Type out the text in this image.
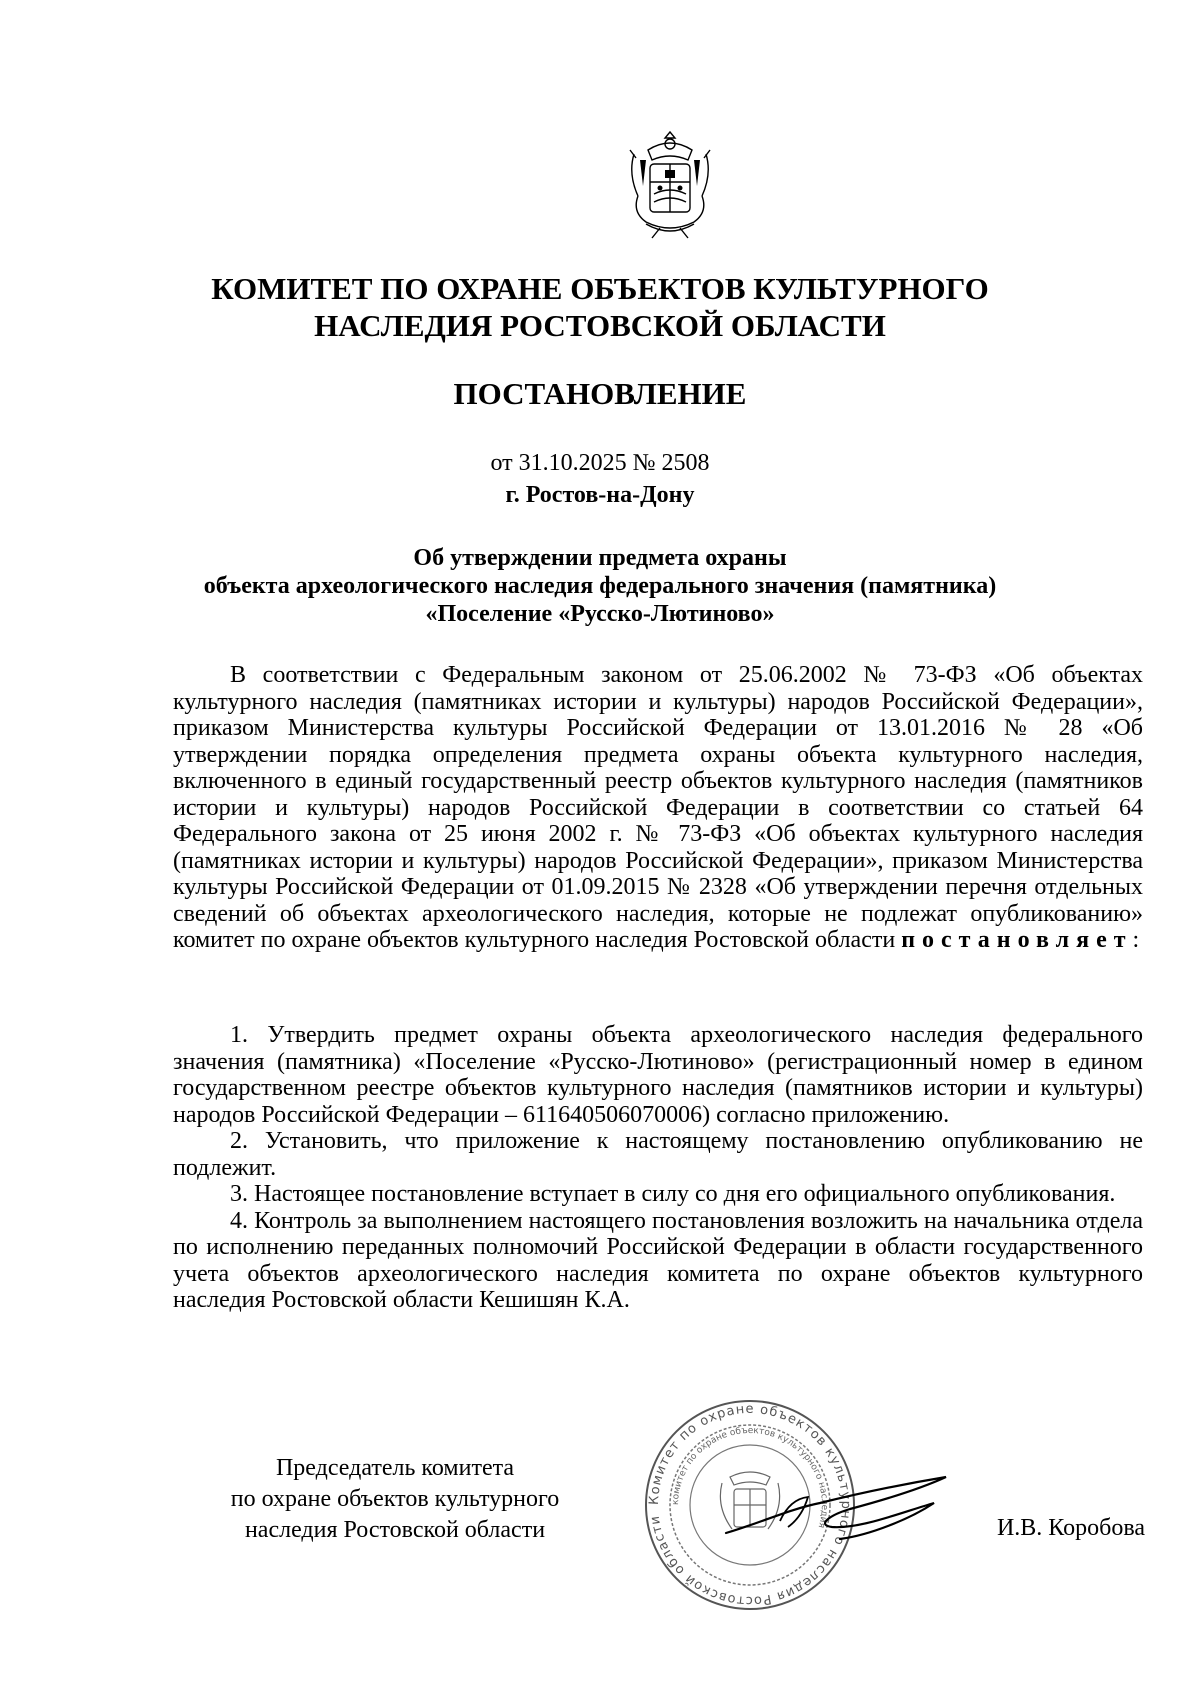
КОМИТЕТ ПО ОХРАНЕ ОБЪЕКТОВ КУЛЬТУРНОГО
НАСЛЕДИЯ РОСТОВСКОЙ ОБЛАСТИ
ПОСТАНОВЛЕНИЕ
от 31.10.2025 № 2508
г. Ростов-на-Дону
Об утверждении предмета охраны
объекта археологического наследия федерального значения (памятника)
«Поселение «Русско-Лютиново»

В соответствии с Федеральным законом от 25.06.2002 № 73-ФЗ «Об объектах культурного наследия (памятниках истории и культуры) народов Российской Федерации», приказом Министерства культуры Российской Федерации от 13.01.2016 № 28 «Об утверждении порядка определения предмета охраны объекта культурного наследия, включенного в единый государственный реестр объектов культурного наследия (памятников истории и культуры) народов Российской Федерации в соответствии со статьей 64 Федерального закона от 25 июня 2002 г. № 73-ФЗ «Об объектах культурного наследия (памятниках истории и культуры) народов Российской Федерации», приказом Министерства культуры Российской Федерации от 01.09.2015 № 2328 «Об утверждении перечня отдельных сведений об объектах археологического наследия, которые не подлежат опубликованию» комитет по охране объектов культурного наследия Ростовской области постановляет:

1. Утвердить предмет охраны объекта археологического наследия федерального значения (памятника) «Поселение «Русско-Лютиново» (регистрационный номер в едином государственном реестре объектов культурного наследия (памятников истории и культуры) народов Российской Федерации – 611640506070006) согласно приложению.

2. Установить, что приложение к настоящему постановлению опубликованию не подлежит.

3. Настоящее постановление вступает в силу со дня его официального опубликования.

4. Контроль за выполнением настоящего постановления возложить на начальника отдела по исполнению переданных полномочий Российской Федерации в области государственного учета объектов археологического наследия комитета по охране объектов культурного наследия Ростовской области Кешишян К.А.

Председатель комитета
по охране объектов культурного
наследия Ростовской области
Комитет по охране объектов культурного наследия Ростовской области
комитет по охране объектов культурного наследия	И.В. Коробова
